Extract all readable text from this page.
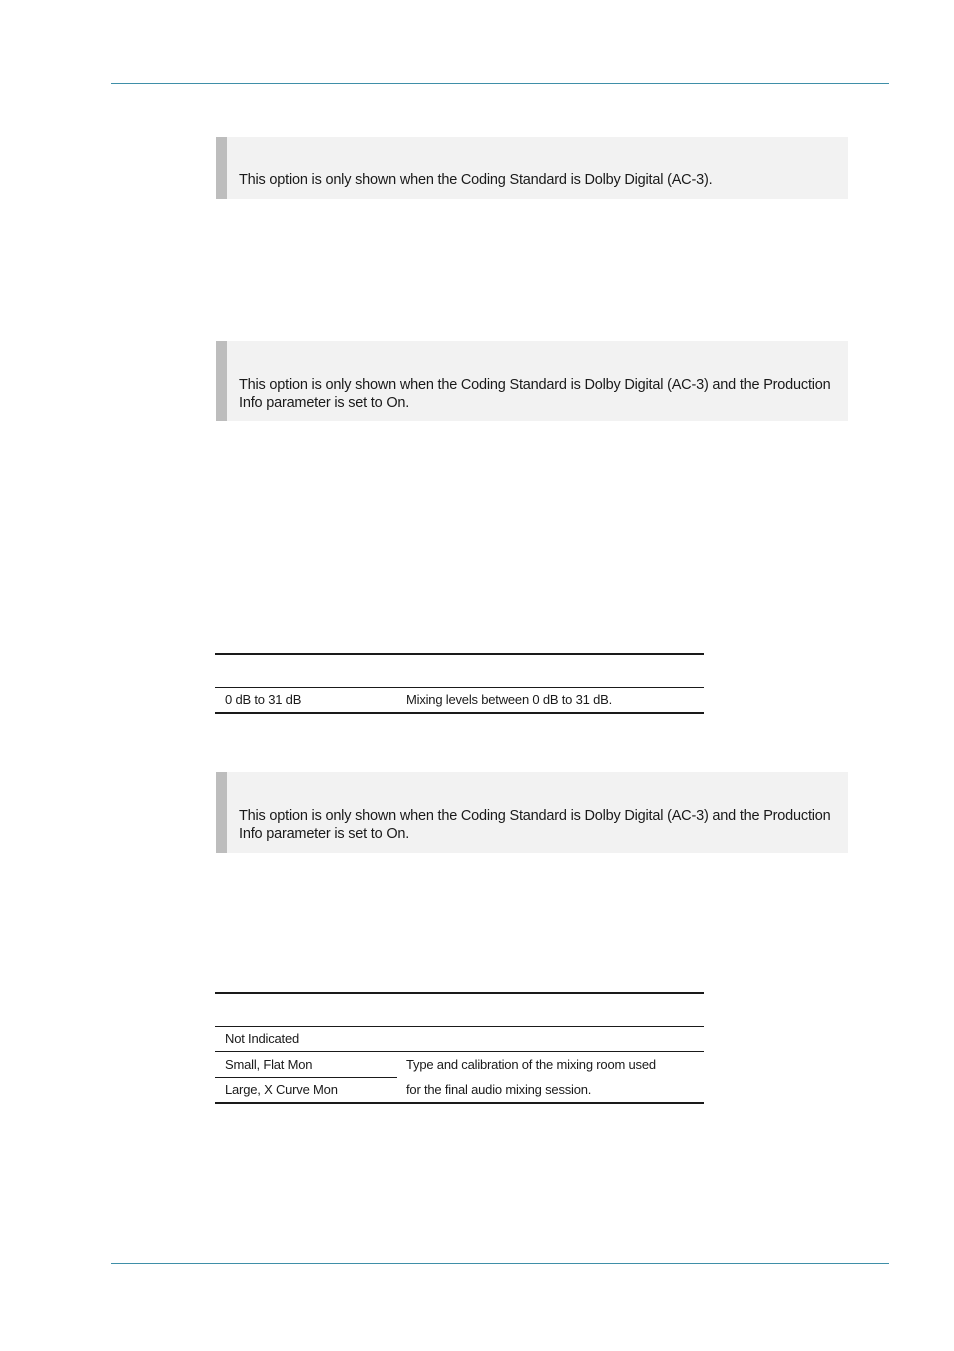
This option is only shown when the Coding Standard is Dolby Digital (AC-3).
This option is only shown when the Coding Standard is Dolby Digital (AC-3) and the Production Info parameter is set to On.
0 dB to 31 dB	Mixing levels between 0 dB to 31 dB.
This option is only shown when the Coding Standard is Dolby Digital (AC-3) and the Production Info parameter is set to On.
Not Indicated
Small, Flat Mon	Type and calibration of the mixing room used
Large, X Curve Mon	for the final audio mixing session.
